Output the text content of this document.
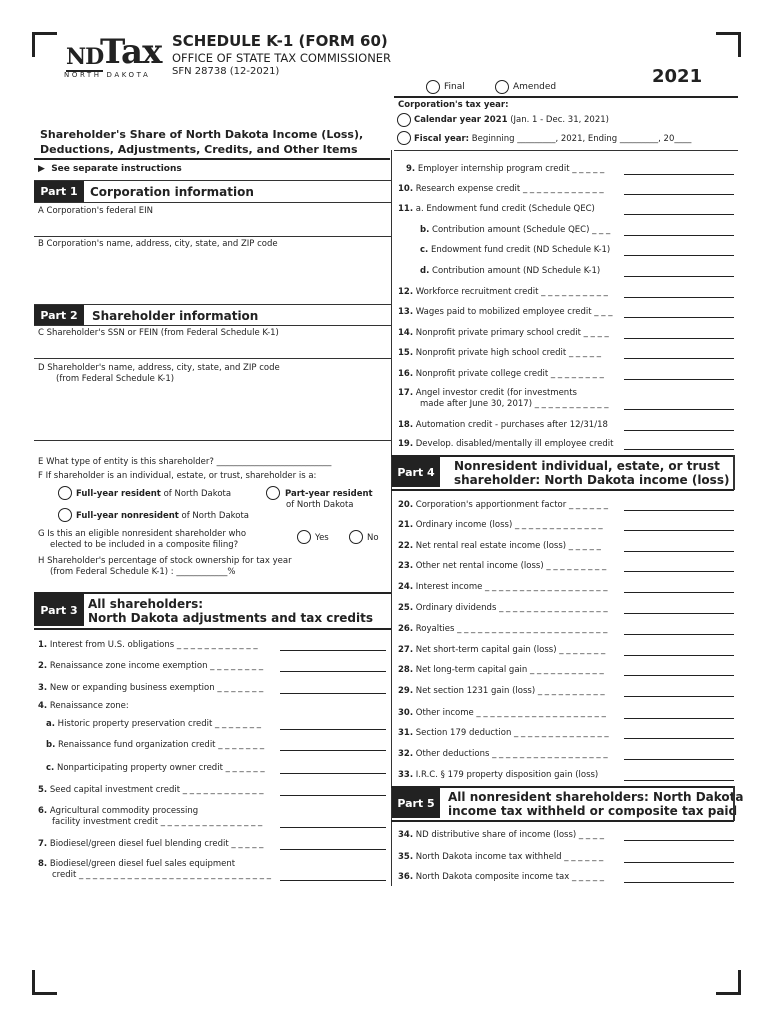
ND
Tax
NORTH DAKOTA
SCHEDULE K-1 (FORM 60)
OFFICE OF STATE TAX COMMISSIONER
SFN 28738 (12-2021)	2021
Final	Amended
Corporation's tax year:
Calendar year 2021 (Jan. 1 - Dec. 31, 2021)
Fiscal year: Beginning _________, 2021, Ending _________, 20____
Shareholder's Share of North Dakota Income (Loss),
Deductions, Adjustments, Credits, and Other Items
▶  See separate instructions
Part 1	Corporation information
A Corporation's federal EIN
B Corporation's name, address, city, state, and ZIP code
Part 2	Shareholder information
C Shareholder's SSN or FEIN (from Federal Schedule K-1)
D Shareholder's name, address, city, state, and ZIP code
(from Federal Schedule K-1)
E What type of entity is this shareholder? ___________________________
F If shareholder is an individual, estate, or trust, shareholder is a:
Full-year resident of North Dakota	Part-year resident
of North Dakota
Full-year nonresident of North Dakota
G Is this an eligible nonresident shareholder who
elected to be included in a composite filing?
Yes	No
H Shareholder's percentage of stock ownership for tax year
(from Federal Schedule K-1) : ____________%
Part 3 All shareholders:
North Dakota adjustments and tax credits
1. Interest from U.S. obligations _ _ _ _ _ _ _ _ _ _ _ _
2. Renaissance zone income exemption _ _ _ _ _ _ _ _
3. New or expanding business exemption _ _ _ _ _ _ _
4. Renaissance zone:
a. Historic property preservation credit _ _ _ _ _ _ _
b. Renaissance fund organization credit _ _ _ _ _ _ _
c. Nonparticipating property owner credit _ _ _ _ _ _
5. Seed capital investment credit _ _ _ _ _ _ _ _ _ _ _ _
6. Agricultural commodity processing
facility investment credit _ _ _ _ _ _ _ _ _ _ _ _ _ _ _
7. Biodiesel/green diesel fuel blending credit _ _ _ _ _
8. Biodiesel/green diesel fuel sales equipment
credit _ _ _ _ _ _ _ _ _ _ _ _ _ _ _ _ _ _ _ _ _ _ _ _ _ _ _ _
9. Employer internship program credit _ _ _ _ _
10. Research expense credit _ _ _ _ _ _ _ _ _ _ _ _
11. a. Endowment fund credit (Schedule QEC)
b. Contribution amount (Schedule QEC) _ _ _
c. Endowment fund credit (ND Schedule K-1)
d. Contribution amount (ND Schedule K-1)
12. Workforce recruitment credit _ _ _ _ _ _ _ _ _ _
13. Wages paid to mobilized employee credit _ _ _
14. Nonprofit private primary school credit _ _ _ _
15. Nonprofit private high school credit _ _ _ _ _
16. Nonprofit private college credit _ _ _ _ _ _ _ _
17. Angel investor credit (for investments
made after June 30, 2017) _ _ _ _ _ _ _ _ _ _ _
18. Automation credit - purchases after 12/31/18
19. Develop. disabled/mentally ill employee credit
20. Corporation's apportionment factor _ _ _ _ _ _
21. Ordinary income (loss) _ _ _ _ _ _ _ _ _ _ _ _ _
22. Net rental real estate income (loss) _ _ _ _ _
23. Other net rental income (loss) _ _ _ _ _ _ _ _ _
24. Interest income _ _ _ _ _ _ _ _ _ _ _ _ _ _ _ _ _ _
25. Ordinary dividends _ _ _ _ _ _ _ _ _ _ _ _ _ _ _ _
26. Royalties _ _ _ _ _ _ _ _ _ _ _ _ _ _ _ _ _ _ _ _ _ _
27. Net short-term capital gain (loss) _ _ _ _ _ _ _
28. Net long-term capital gain _ _ _ _ _ _ _ _ _ _ _
29. Net section 1231 gain (loss) _ _ _ _ _ _ _ _ _ _
30. Other income _ _ _ _ _ _ _ _ _ _ _ _ _ _ _ _ _ _ _
31. Section 179 deduction _ _ _ _ _ _ _ _ _ _ _ _ _ _
32. Other deductions _ _ _ _ _ _ _ _ _ _ _ _ _ _ _ _ _
33. I.R.C. § 179 property disposition gain (loss)
34. ND distributive share of income (loss) _ _ _ _
35. North Dakota income tax withheld _ _ _ _ _ _
36. North Dakota composite income tax _ _ _ _ _
Part 4	Nonresident individual, estate, or trust
shareholder: North Dakota income (loss)
Part 5	All nonresident shareholders: North Dakota
income tax withheld or composite tax paid
